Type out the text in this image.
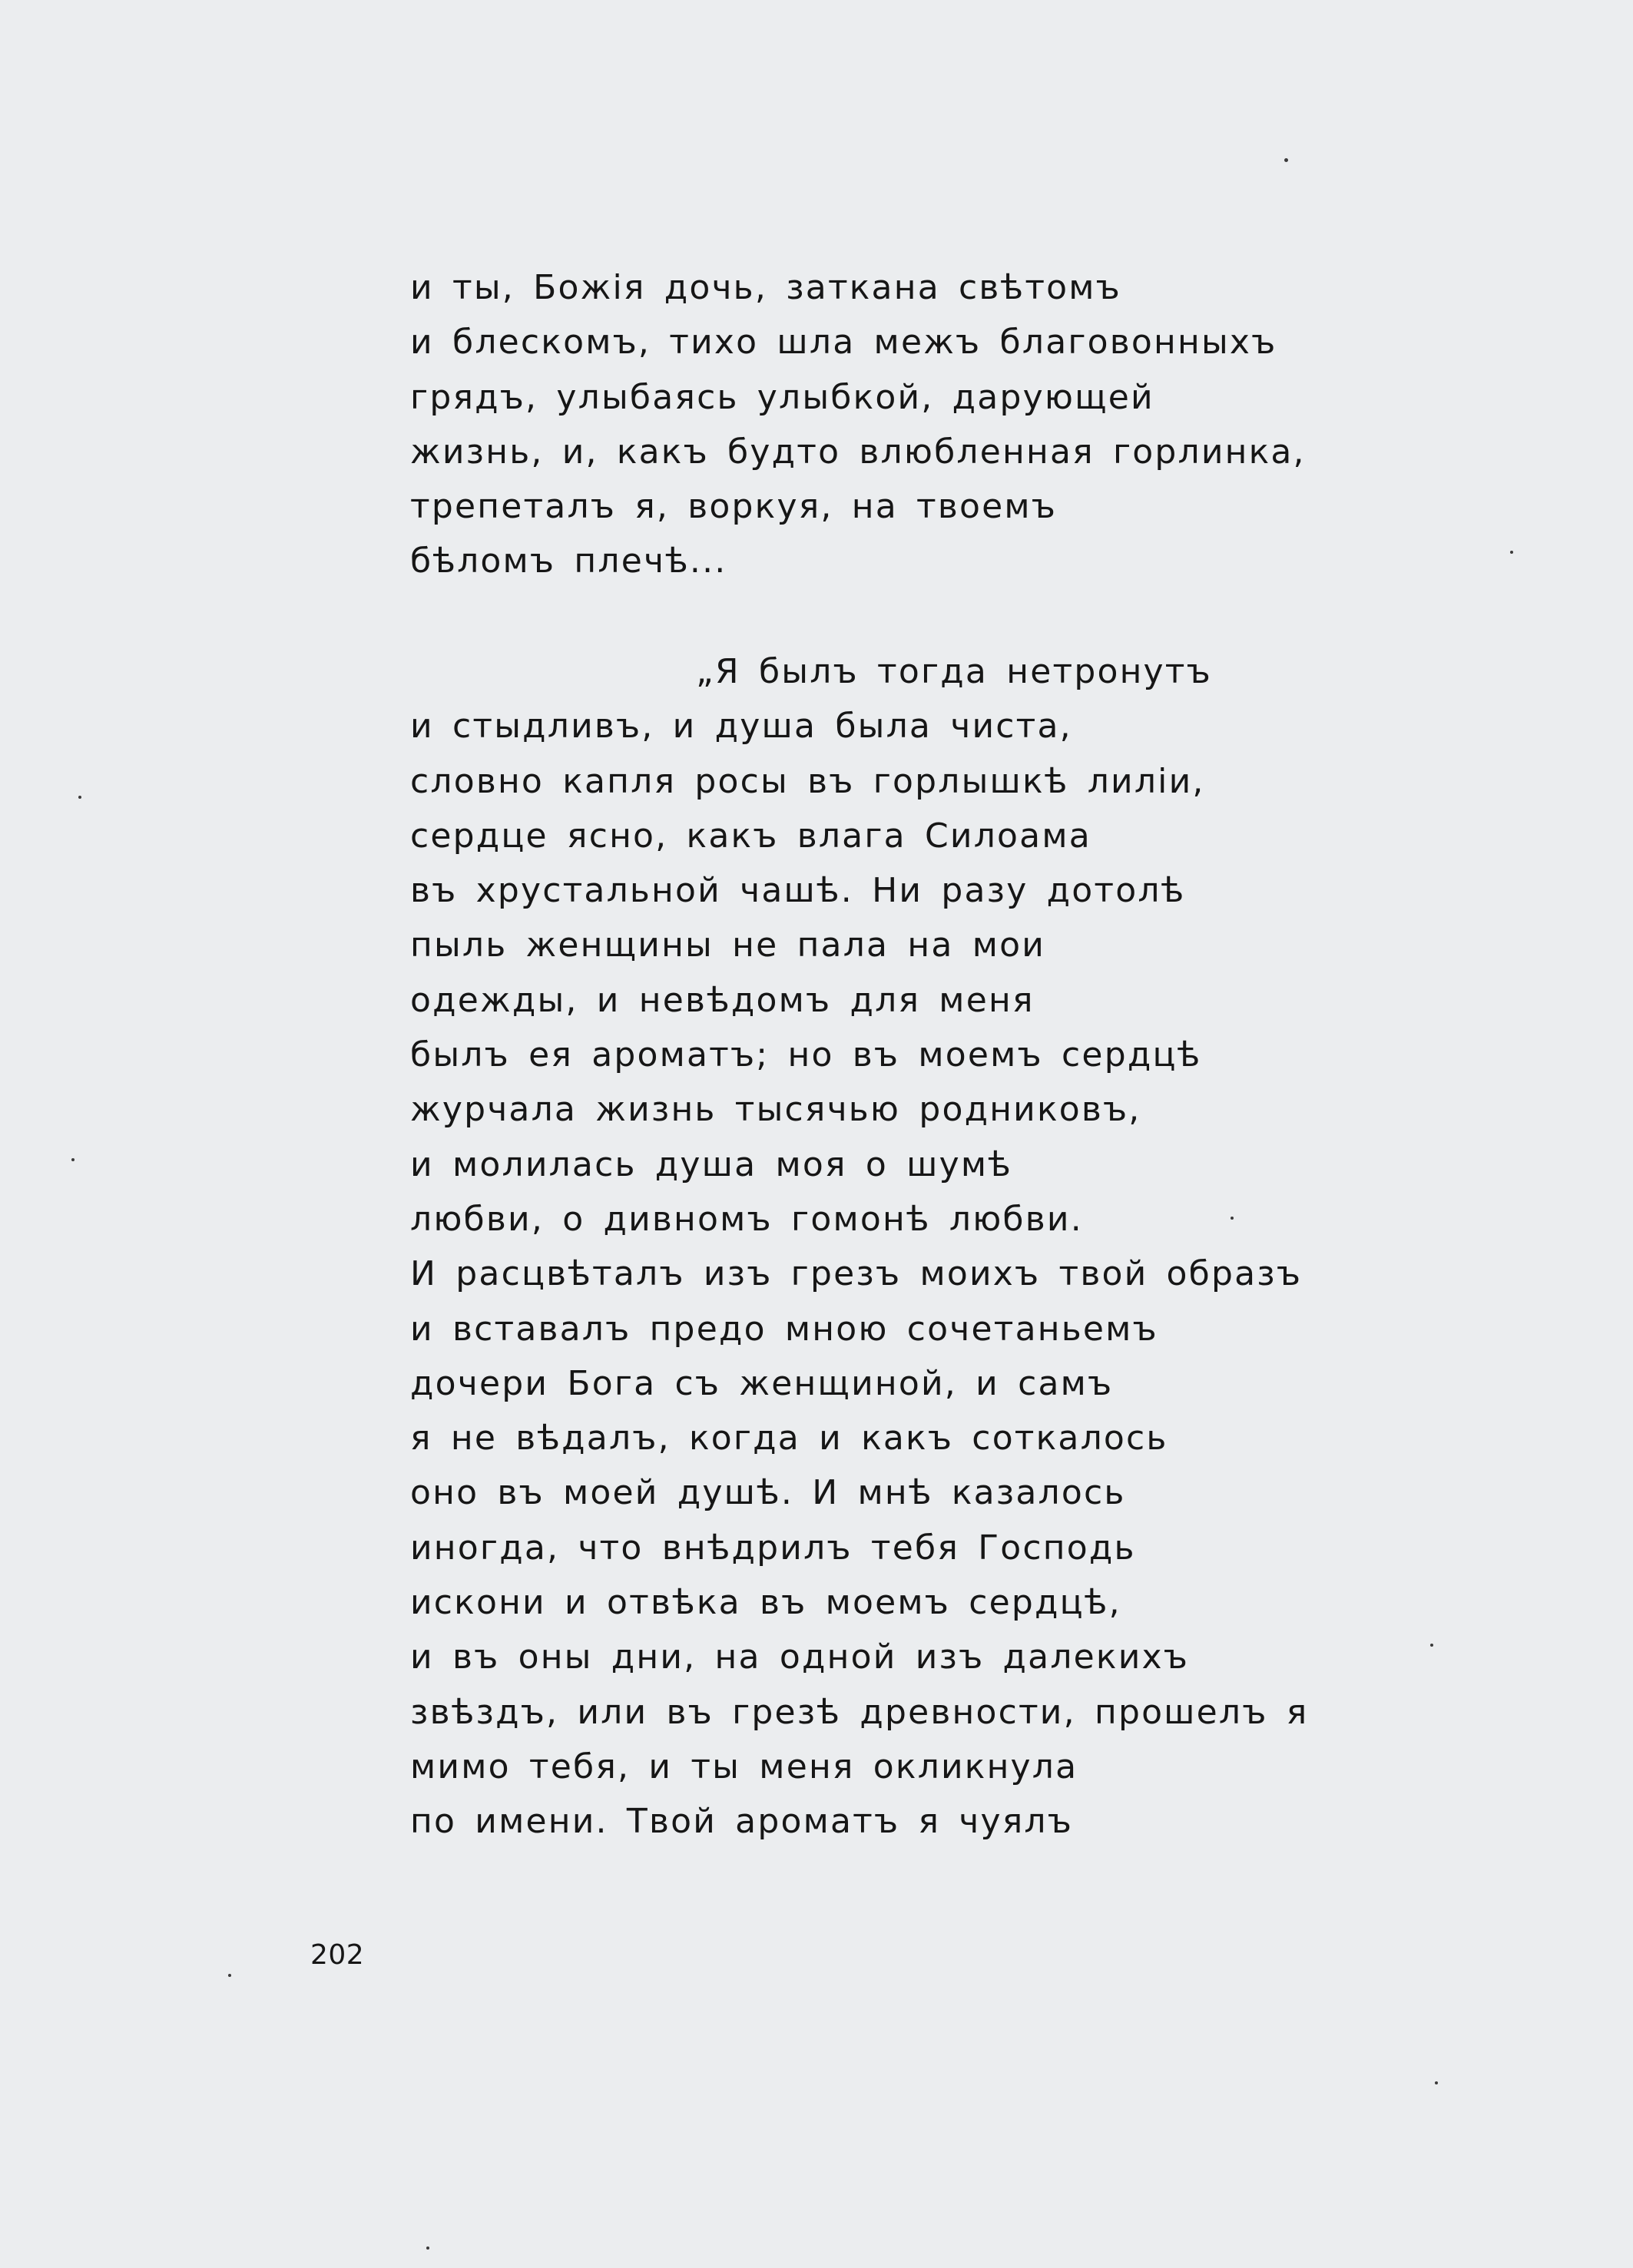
и ты, Божія дочь, заткана свѣтомъ
и блескомъ, тихо шла межъ благовонныхъ
грядъ, улыбаясь улыбкой, дарующей
жизнь, и, какъ будто влюбленная горлинка,
трепеталъ я, воркуя, на твоемъ
бѣломъ плечѣ...
„Я былъ тогда нетронутъ
и стыдливъ, и душа была чиста,
словно капля росы въ горлышкѣ лиліи,
сердце ясно, какъ влага Силоама
въ хрустальной чашѣ. Ни разу дотолѣ
пыль женщины не пала на мои
одежды, и невѣдомъ для меня
былъ ея ароматъ; но въ моемъ сердцѣ
журчала жизнь тысячью родниковъ,
и молилась душа моя о шумѣ
любви, о дивномъ гомонѣ любви.
И расцвѣталъ изъ грезъ моихъ твой образъ
и вставалъ предо мною сочетаньемъ
дочери Бога съ женщиной, и самъ
я не вѣдалъ, когда и какъ соткалось
оно въ моей душѣ. И мнѣ казалось
иногда, что внѣдрилъ тебя Господь
искони и отвѣка въ моемъ сердцѣ,
и въ оны дни, на одной изъ далекихъ
звѣздъ, или въ грезѣ древности, прошелъ я
мимо тебя, и ты меня окликнула
по имени. Твой ароматъ я чуялъ
202
